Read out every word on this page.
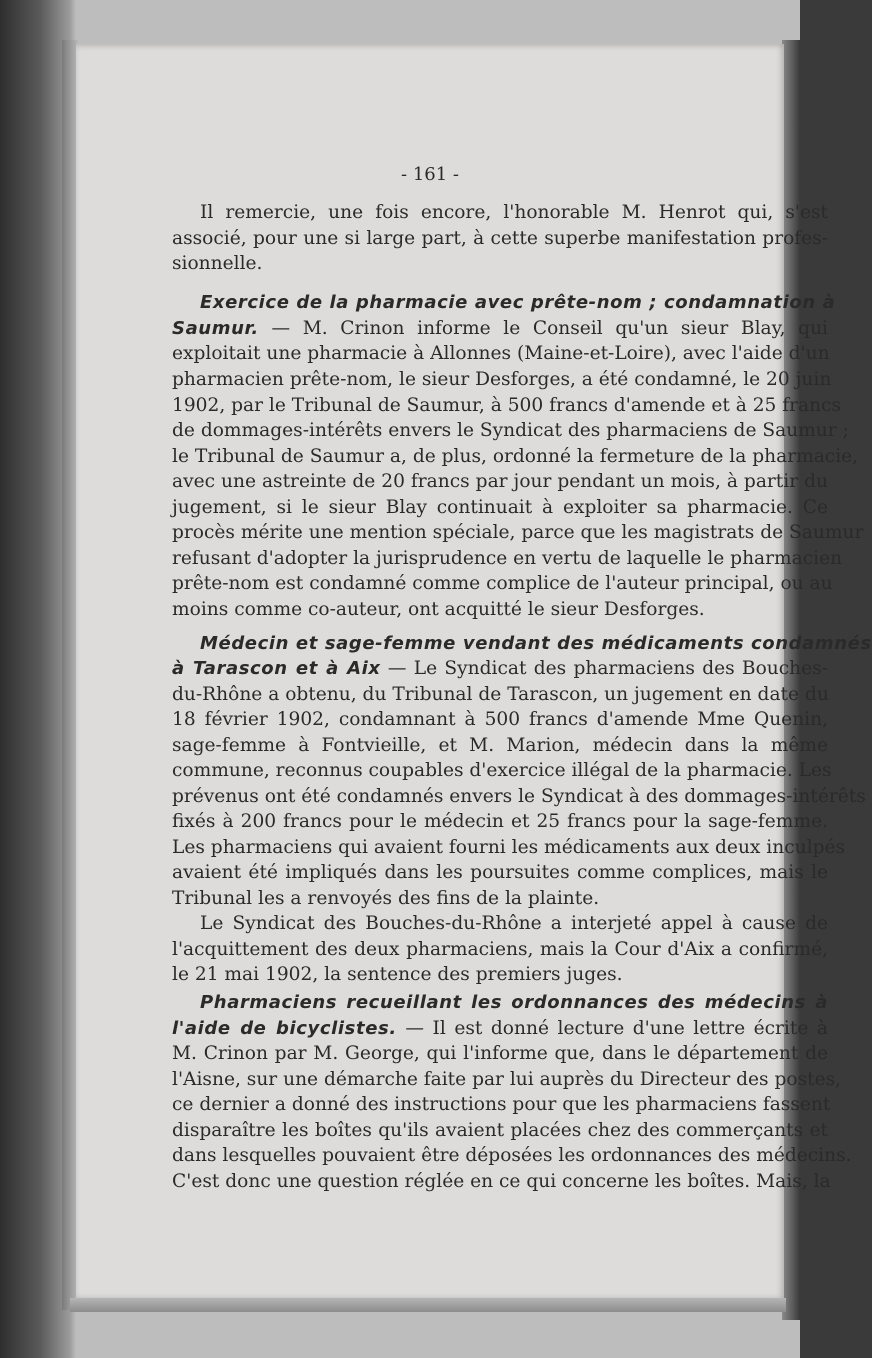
- 161 -
Il remercie, une fois encore, l'honorable M. Henrot qui, s'est
associé, pour une si large part, à cette superbe manifestation profes-
sionnelle.
Exercice de la pharmacie avec prête-nom ; condamnation à
Saumur. — M. Crinon informe le Conseil qu'un sieur Blay, qui
exploitait une pharmacie à Allonnes (Maine-et-Loire), avec l'aide d'un
pharmacien prête-nom, le sieur Desforges, a été condamné, le 20 juin
1902, par le Tribunal de Saumur, à 500 francs d'amende et à 25 francs
de dommages-intérêts envers le Syndicat des pharmaciens de Saumur ;
le Tribunal de Saumur a, de plus, ordonné la fermeture de la pharmacie,
avec une astreinte de 20 francs par jour pendant un mois, à partir du
jugement, si le sieur Blay continuait à exploiter sa pharmacie. Ce
procès mérite une mention spéciale, parce que les magistrats de Saumur
refusant d'adopter la jurisprudence en vertu de laquelle le pharmacien
prête-nom est condamné comme complice de l'auteur principal, ou au
moins comme co-auteur, ont acquitté le sieur Desforges.
Médecin et sage-femme vendant des médicaments condamnés
à Tarascon et à Aix — Le Syndicat des pharmaciens des Bouches-
du-Rhône a obtenu, du Tribunal de Tarascon, un jugement en date du
18 février 1902, condamnant à 500 francs d'amende Mme Quenin,
sage-femme à Fontvieille, et M. Marion, médecin dans la même
commune, reconnus coupables d'exercice illégal de la pharmacie. Les
prévenus ont été condamnés envers le Syndicat à des dommages-intérêts
fixés à 200 francs pour le médecin et 25 francs pour la sage-femme.
Les pharmaciens qui avaient fourni les médicaments aux deux inculpés
avaient été impliqués dans les poursuites comme complices, mais le
Tribunal les a renvoyés des fins de la plainte.
Le Syndicat des Bouches-du-Rhône a interjeté appel à cause de
l'acquittement des deux pharmaciens, mais la Cour d'Aix a confirmé,
le 21 mai 1902, la sentence des premiers juges.
Pharmaciens recueillant les ordonnances des médecins à
l'aide de bicyclistes. — Il est donné lecture d'une lettre écrite à
M. Crinon par M. George, qui l'informe que, dans le département de
l'Aisne, sur une démarche faite par lui auprès du Directeur des postes,
ce dernier a donné des instructions pour que les pharmaciens fassent
disparaître les boîtes qu'ils avaient placées chez des commerçants et
dans lesquelles pouvaient être déposées les ordonnances des médecins.
C'est donc une question réglée en ce qui concerne les boîtes. Mais, la
